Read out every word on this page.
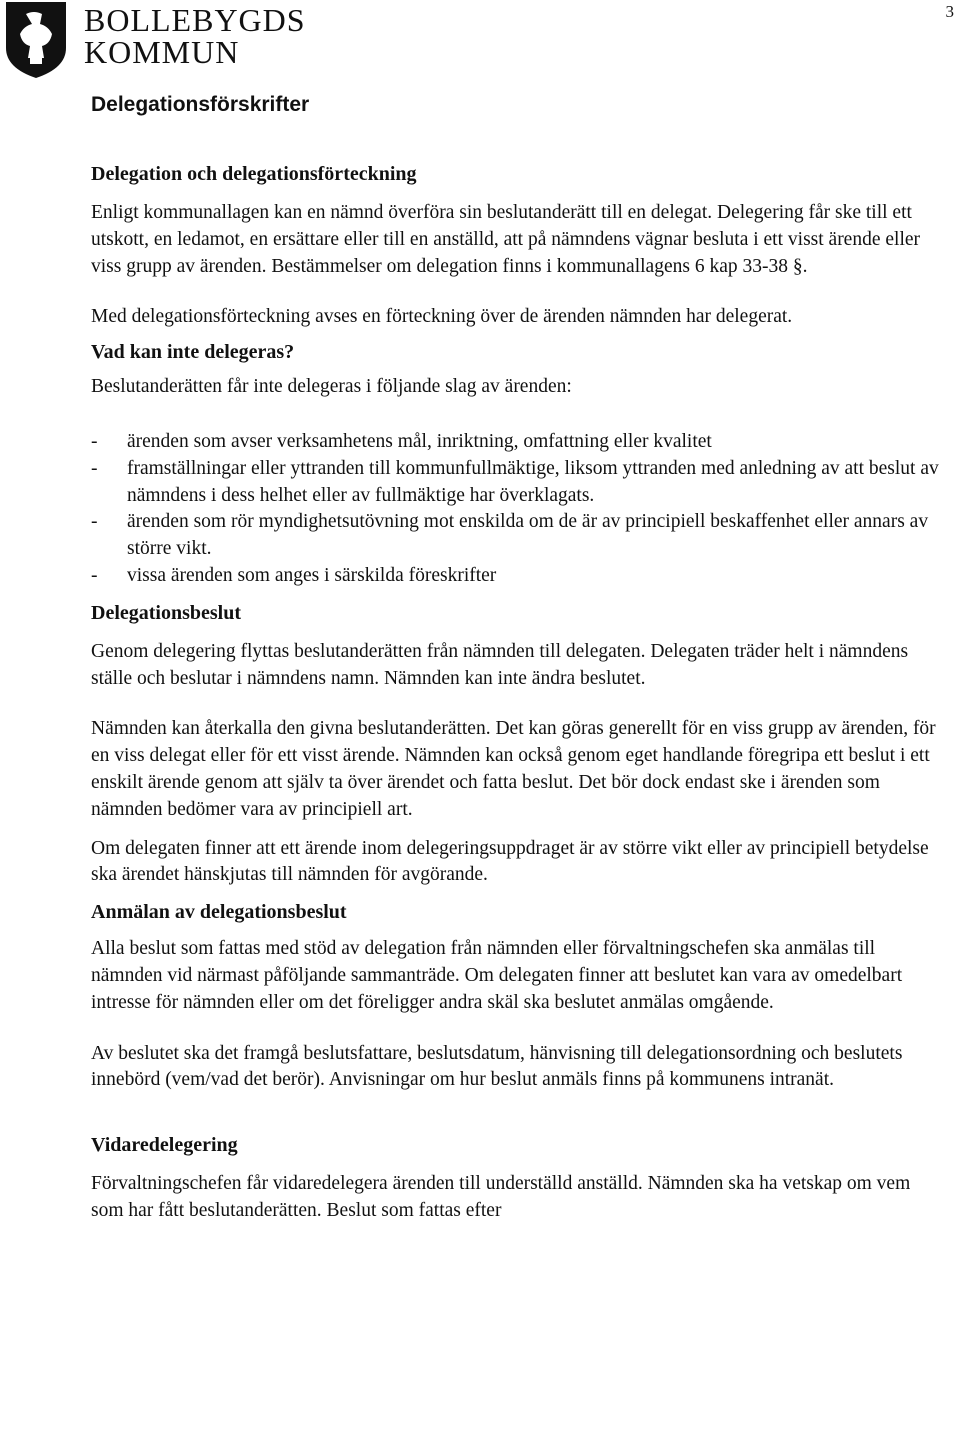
BOLLEBYGDS
KOMMUN
3
Delegationsförskrifter
Delegation och delegationsförteckning

Enligt kommunallagen kan en nämnd överföra sin beslutanderätt till en delegat. Delegering får ske till ett utskott, en ledamot, en ersättare eller till en anställd, att på nämndens vägnar besluta i ett visst ärende eller viss grupp av ärenden. Bestämmelser om delegation finns i kommunallagens 6 kap 33-38 §.

Med delegationsförteckning avses en förteckning över de ärenden nämnden har delegerat.

Vad kan inte delegeras?

Beslutanderätten får inte delegeras i följande slag av ärenden:

- ärenden som avser verksamhetens mål, inriktning, omfattning eller kvalitet
- framställningar eller yttranden till kommunfullmäktige, liksom yttranden med anledning av att beslut av nämndens i dess helhet eller av fullmäktige har överklagats.
- ärenden som rör myndighetsutövning mot enskilda om de är av principiell beskaffenhet eller annars av större vikt.
- vissa ärenden som anges i särskilda föreskrifter
Delegationsbeslut

Genom delegering flyttas beslutanderätten från nämnden till delegaten. Delegaten träder helt i nämndens ställe och beslutar i nämndens namn. Nämnden kan inte ändra beslutet.

Nämnden kan återkalla den givna beslutanderätten. Det kan göras generellt för en viss grupp av ärenden, för en viss delegat eller för ett visst ärende. Nämnden kan också genom eget handlande föregripa ett beslut i ett enskilt ärende genom att själv ta över ärendet och fatta beslut. Det bör dock endast ske i ärenden som nämnden bedömer vara av principiell art.

Om delegaten finner att ett ärende inom delegeringsuppdraget är av större vikt eller av principiell betydelse ska ärendet hänskjutas till nämnden för avgörande.

Anmälan av delegationsbeslut

Alla beslut som fattas med stöd av delegation från nämnden eller förvaltningschefen ska anmälas till nämnden vid närmast påföljande sammanträde. Om delegaten finner att beslutet kan vara av omedelbart intresse för nämnden eller om det föreligger andra skäl ska beslutet anmälas omgående.

Av beslutet ska det framgå beslutsfattare, beslutsdatum, hänvisning till delegationsordning och beslutets innebörd (vem/vad det berör). Anvisningar om hur beslut anmäls finns på kommunens intranät.

Vidaredelegering

Förvaltningschefen får vidaredelegera ärenden till underställd anställd. Nämnden ska ha vetskap om vem som har fått beslutanderätten. Beslut som fattas efter
